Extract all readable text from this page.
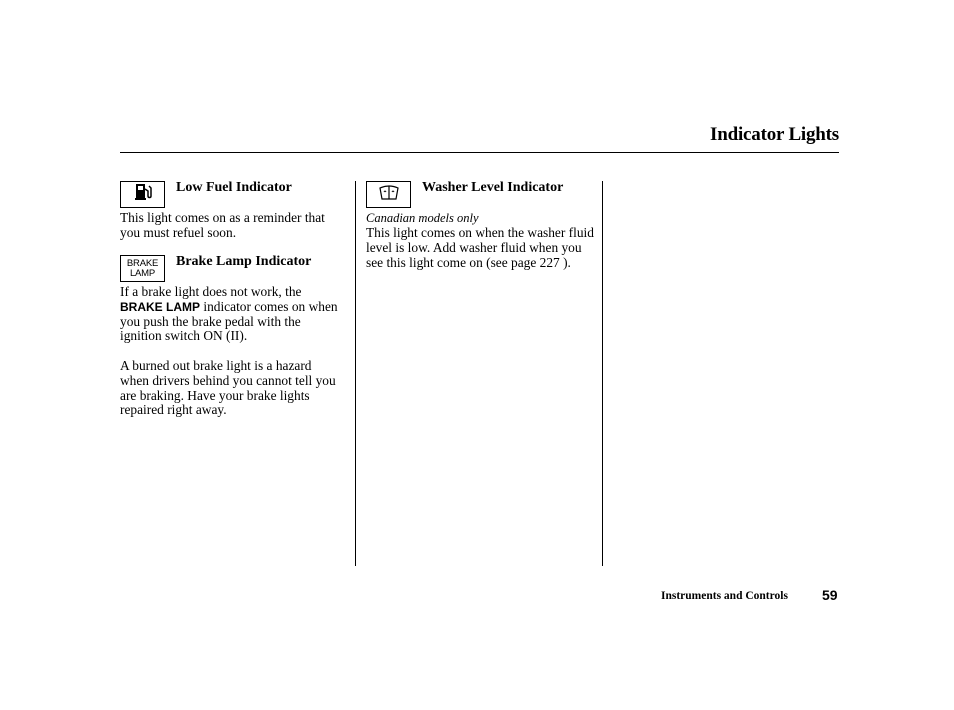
Indicator Lights
Low Fuel Indicator

This light comes on as a reminder that you must refuel soon.

BRAKE
LAMP
Brake Lamp Indicator

If a brake light does not work, the
BRAKE LAMP indicator comes on when you push the brake pedal with the ignition switch ON (II).

A burned out brake light is a hazard when drivers behind you cannot tell you are braking. Have your brake lights repaired right away.

Washer Level Indicator
Canadian models only

This light comes on when the washer fluid level is low. Add washer fluid when you see this light come on (see page 227 ).

Instruments and Controls 59
